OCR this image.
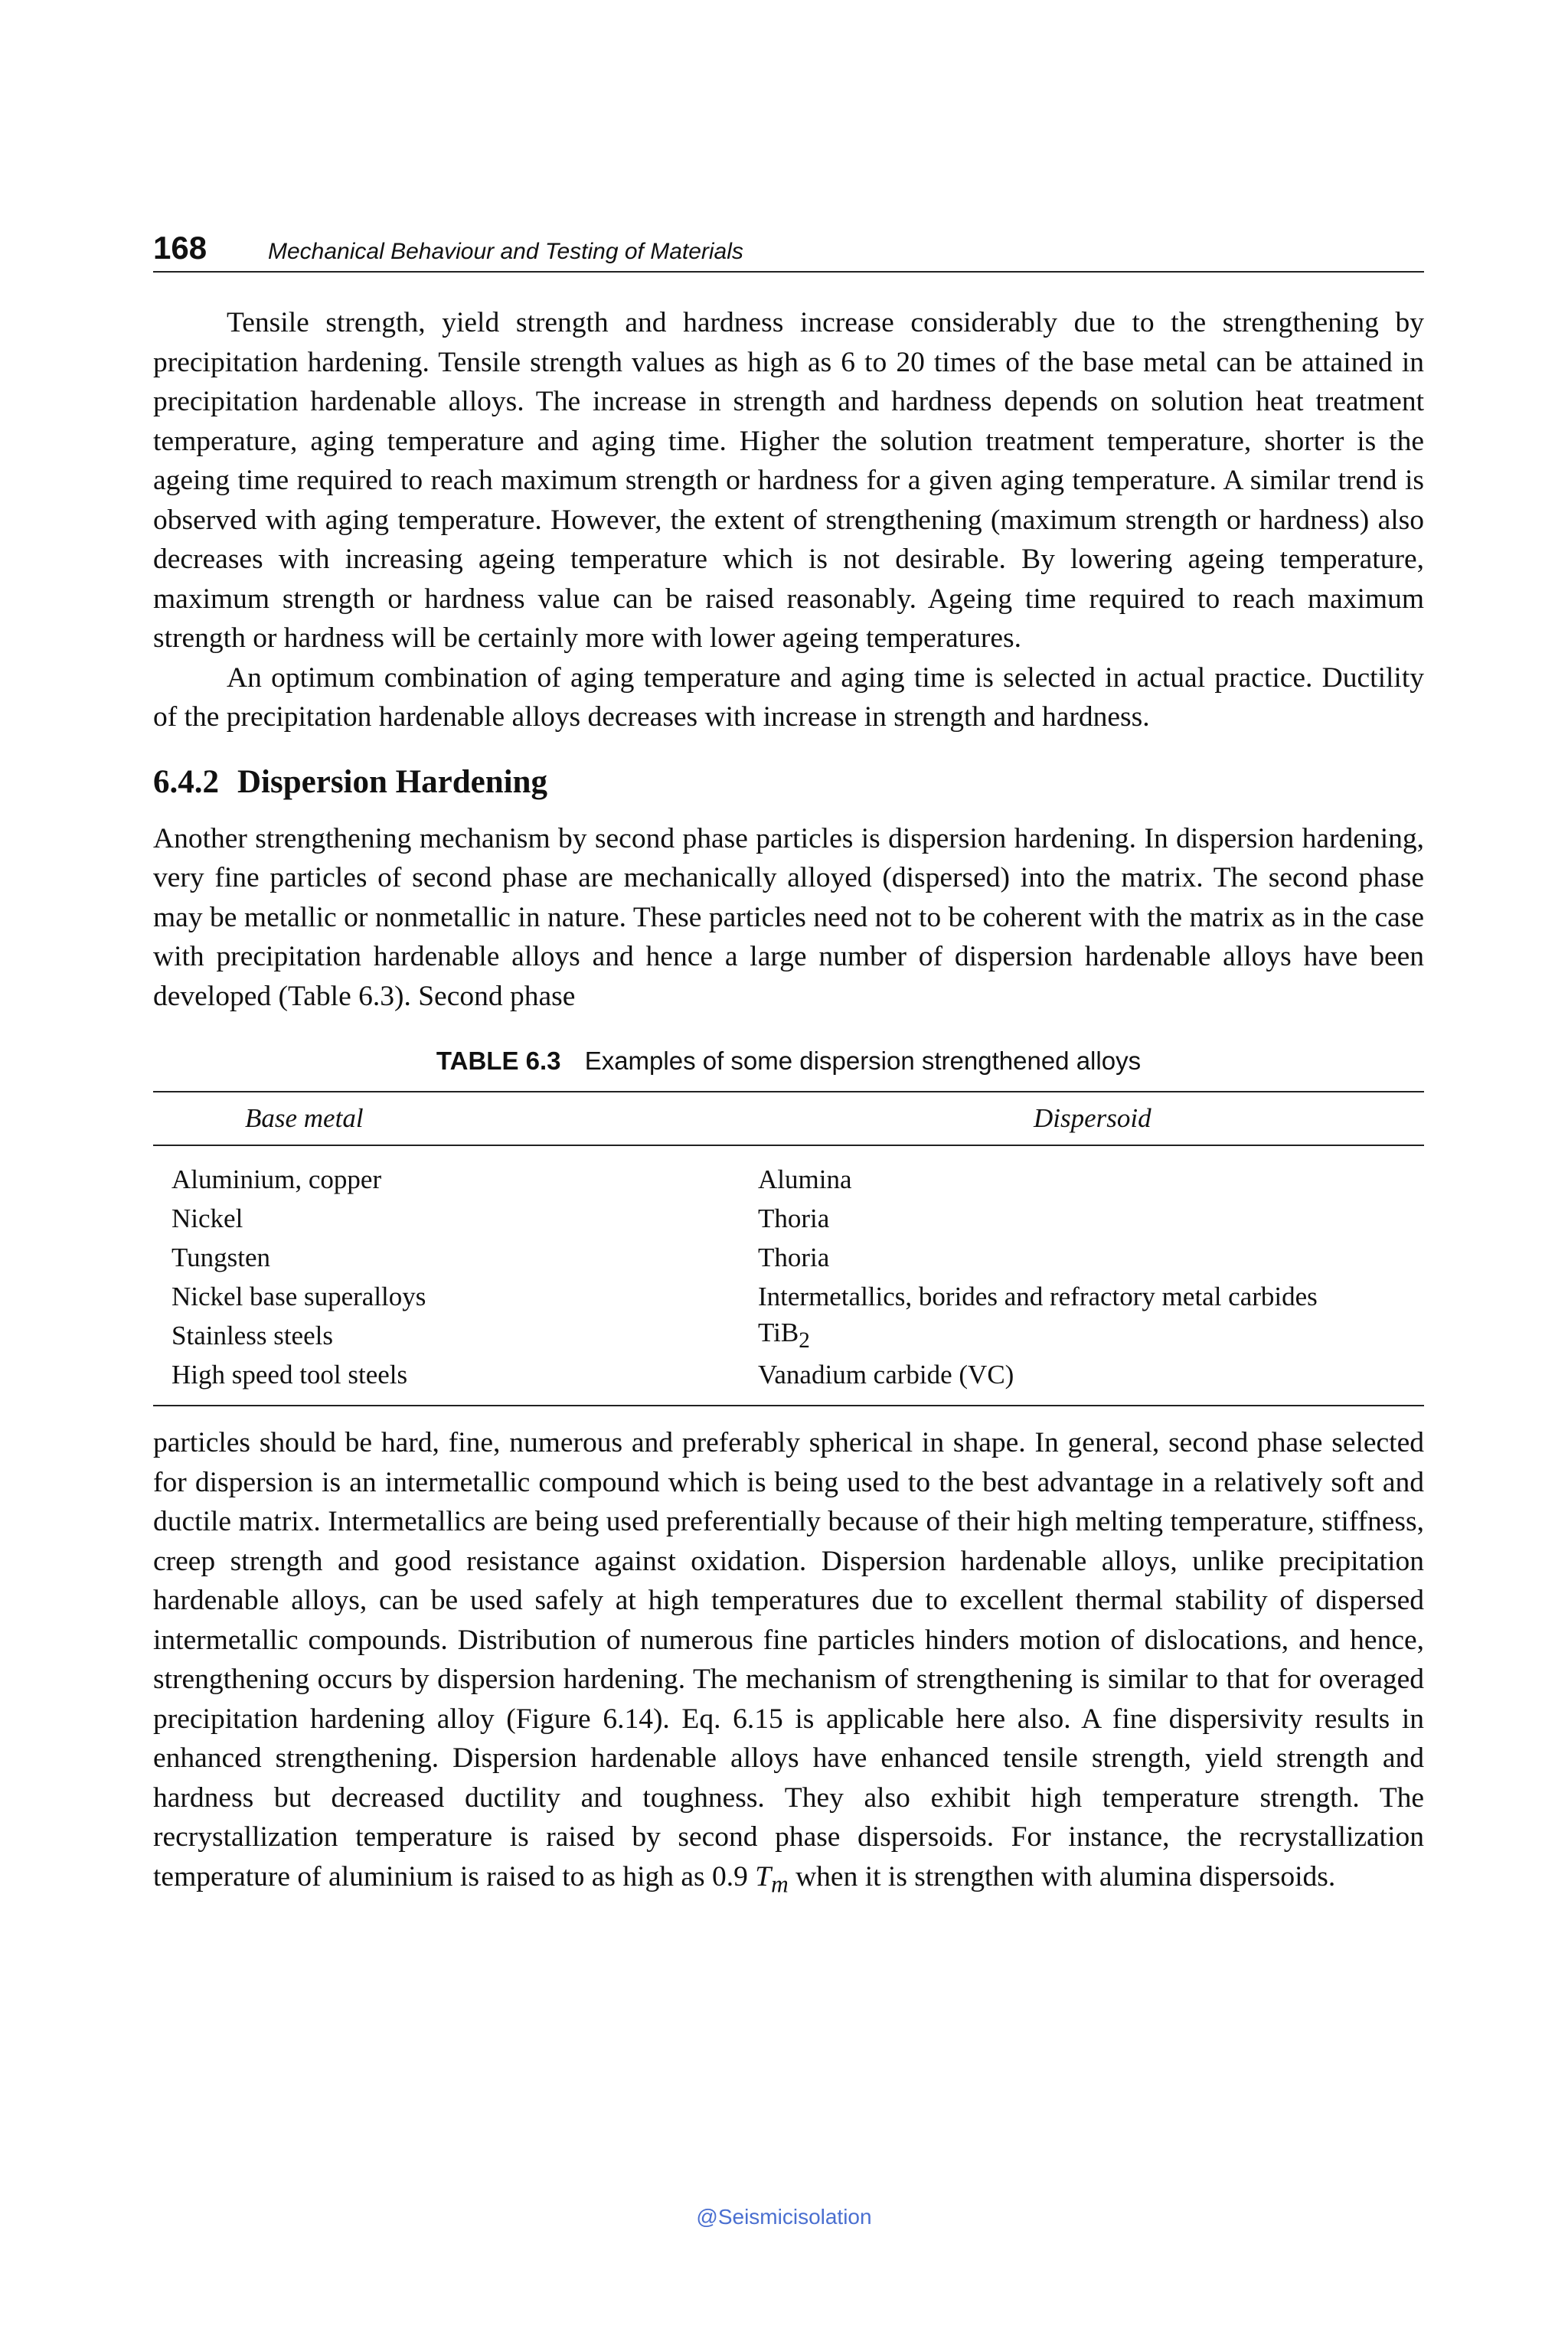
168	Mechanical Behaviour and Testing of Materials

Tensile strength, yield strength and hardness increase considerably due to the strengthening by precipitation hardening. Tensile strength values as high as 6 to 20 times of the base metal can be attained in precipitation hardenable alloys. The increase in strength and hardness depends on solution heat treatment temperature, aging temperature and aging time. Higher the solution treatment temperature, shorter is the ageing time required to reach maximum strength or hardness for a given aging temperature. A similar trend is observed with aging temperature. However, the extent of strengthening (maximum strength or hardness) also decreases with increasing ageing temperature which is not desirable. By lowering ageing temperature, maximum strength or hardness value can be raised reasonably. Ageing time required to reach maximum strength or hardness will be certainly more with lower ageing temperatures.

An optimum combination of aging temperature and aging time is selected in actual practice. Ductility of the precipitation hardenable alloys decreases with increase in strength and hardness.

6.4.2 Dispersion Hardening

Another strengthening mechanism by second phase particles is dispersion hardening. In dispersion hardening, very fine particles of second phase are mechanically alloyed (dispersed) into the matrix. The second phase may be metallic or nonmetallic in nature. These particles need not to be coherent with the matrix as in the case with precipitation hardenable alloys and hence a large number of dispersion hardenable alloys have been developed (Table 6.3). Second phase

TABLE 6.3 Examples of some dispersion strengthened alloys
Base metal	Dispersoid
Aluminium, copper	Alumina
Nickel	Thoria
Tungsten	Thoria
Nickel base superalloys	Intermetallics, borides and refractory metal carbides
Stainless steels	TiB$_2$
High speed tool steels	Vanadium carbide (VC)

particles should be hard, fine, numerous and preferably spherical in shape. In general, second phase selected for dispersion is an intermetallic compound which is being used to the best advantage in a relatively soft and ductile matrix. Intermetallics are being used preferentially because of their high melting temperature, stiffness, creep strength and good resistance against oxidation. Dispersion hardenable alloys, unlike precipitation hardenable alloys, can be used safely at high temperatures due to excellent thermal stability of dispersed intermetallic compounds. Distribution of numerous fine particles hinders motion of dislocations, and hence, strengthening occurs by dispersion hardening. The mechanism of strengthening is similar to that for overaged precipitation hardening alloy (Figure 6.14). Eq. 6.15 is applicable here also. A fine dispersivity results in enhanced strengthening. Dispersion hardenable alloys have enhanced tensile strength, yield strength and hardness but decreased ductility and toughness. They also exhibit high temperature strength. The recrystallization temperature is raised by second phase dispersoids. For instance, the recrystallization temperature of aluminium is raised to as high as 0.9 $T_m$ when it is strengthen with alumina dispersoids.

@Seismicisolation
